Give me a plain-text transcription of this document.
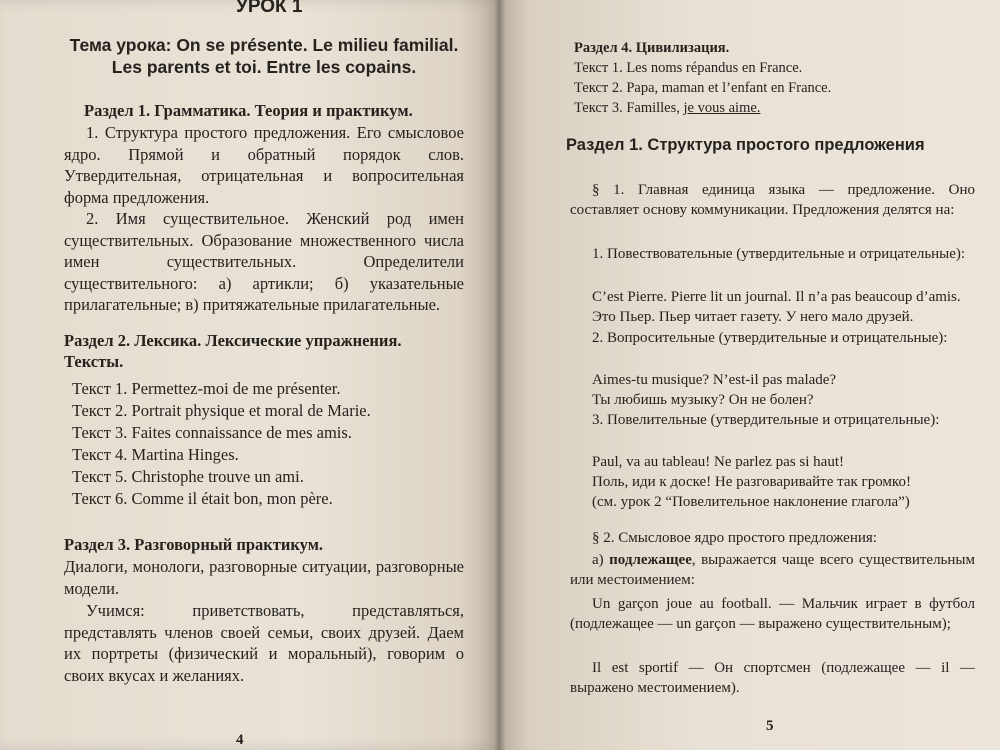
УРОК 1
Тема урока: On se présente. Le milieu familial.
Les parents et toi. Entre les copains.

Раздел 1. Грамматика. Теория и практикум.

1. Структура простого предложения. Его смысловое ядро. Прямой и обратный порядок слов. Утвердительная, отрицательная и вопросительная форма предложения.

2. Имя существительное. Женский род имен существительных. Образование множественного числа имен существительных. Определители существительного: а) артикли; б) указательные прилагательные; в) притяжательные прилагательные.

Раздел 2. Лексика. Лексические упражнения. Тексты.

Текст 1. Permettez-moi de me présenter.

Текст 2. Portrait physique et moral de Marie.

Текст 3. Faites connaissance de mes amis.

Текст 4. Martina Hinges.

Текст 5. Christophe trouve un ami.

Текст 6. Comme il était bon, mon père.

Раздел 3. Разговорный практикум.

Диалоги, монологи, разговорные ситуации, разговорные модели.

Учимся: приветствовать, представляться, представлять членов своей семьи, своих друзей. Даем их портреты (физический и моральный), говорим о своих вкусах и желаниях.

4

Раздел 4. Цивилизация.

Текст 1. Les noms répandus en France.

Текст 2. Papa, maman et l’enfant en France.

Текст 3. Familles, je vous aime.

Раздел 1. Структура простого предложения

§ 1. Главная единица языка — предложение. Оно составляет основу коммуникации. Предложения делятся на:

1. Повествовательные (утвердительные и отрицательные):

C’est Pierre. Pierre lit un journal. Il n’a pas beaucoup d’amis.

Это Пьер. Пьер читает газету. У него мало друзей.

2. Вопросительные (утвердительные и отрицательные):

Aimes-tu musique? N’est-il pas malade?

Ты любишь музыку? Он не болен?

3. Повелительные (утвердительные и отрицательные):

Paul, va au tableau! Ne parlez pas si haut!

Поль, иди к доске! Не разговаривайте так громко!

(см. урок 2 “Повелительное наклонение глагола”)

§ 2. Смысловое ядро простого предложения:

а) подлежащее, выражается чаще всего существительным или местоимением:

Un garçon joue au football. — Мальчик играет в футбол (подлежащее — un garçon — выражено существительным);

Il est sportif — Он спортсмен (подлежащее — il — выражено местоимением).

5
